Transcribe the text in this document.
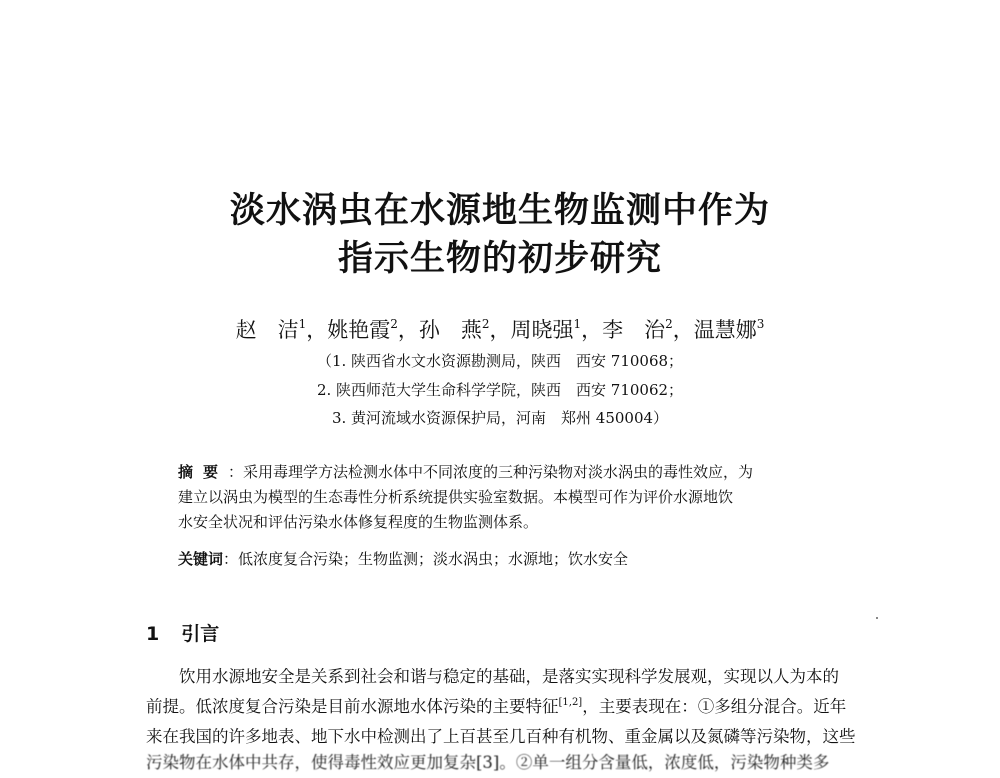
淡水涡虫在水源地生物监测中作为
指示生物的初步研究
赵　洁$^1$，姚艳霞$^2$，孙　燕$^2$，周晓强$^1$，李　治$^2$，温慧娜$^3$
（1. 陕西省水文水资源勘测局，陕西　西安 710068；
2. 陕西师范大学生命科学学院，陕西　西安 710062；
3. 黄河流域水资源保护局，河南　郑州 450004）
摘要：采用毒理学方法检测水体中不同浓度的三种污染物对淡水涡虫的毒性效应，为
建立以涡虫为模型的生态毒性分析系统提供实验室数据。本模型可作为评价水源地饮
水安全状况和评估污染水体修复程度的生物监测体系。
关键词：低浓度复合污染；生物监测；淡水涡虫；水源地；饮水安全
1 引言
饮用水源地安全是关系到社会和谐与稳定的基础，是落实实现科学发展观，实现以人为本的
前提。低浓度复合污染是目前水源地水体污染的主要特征[1,2]，主要表现在：①多组分混合。近年
来在我国的许多地表、地下水中检测出了上百甚至几百种有机物、重金属以及氮磷等污染物，这些
污染物在水体中共存，使得毒性效应更加复杂[3]。②单一组分含量低，浓度低，污染物种类多
